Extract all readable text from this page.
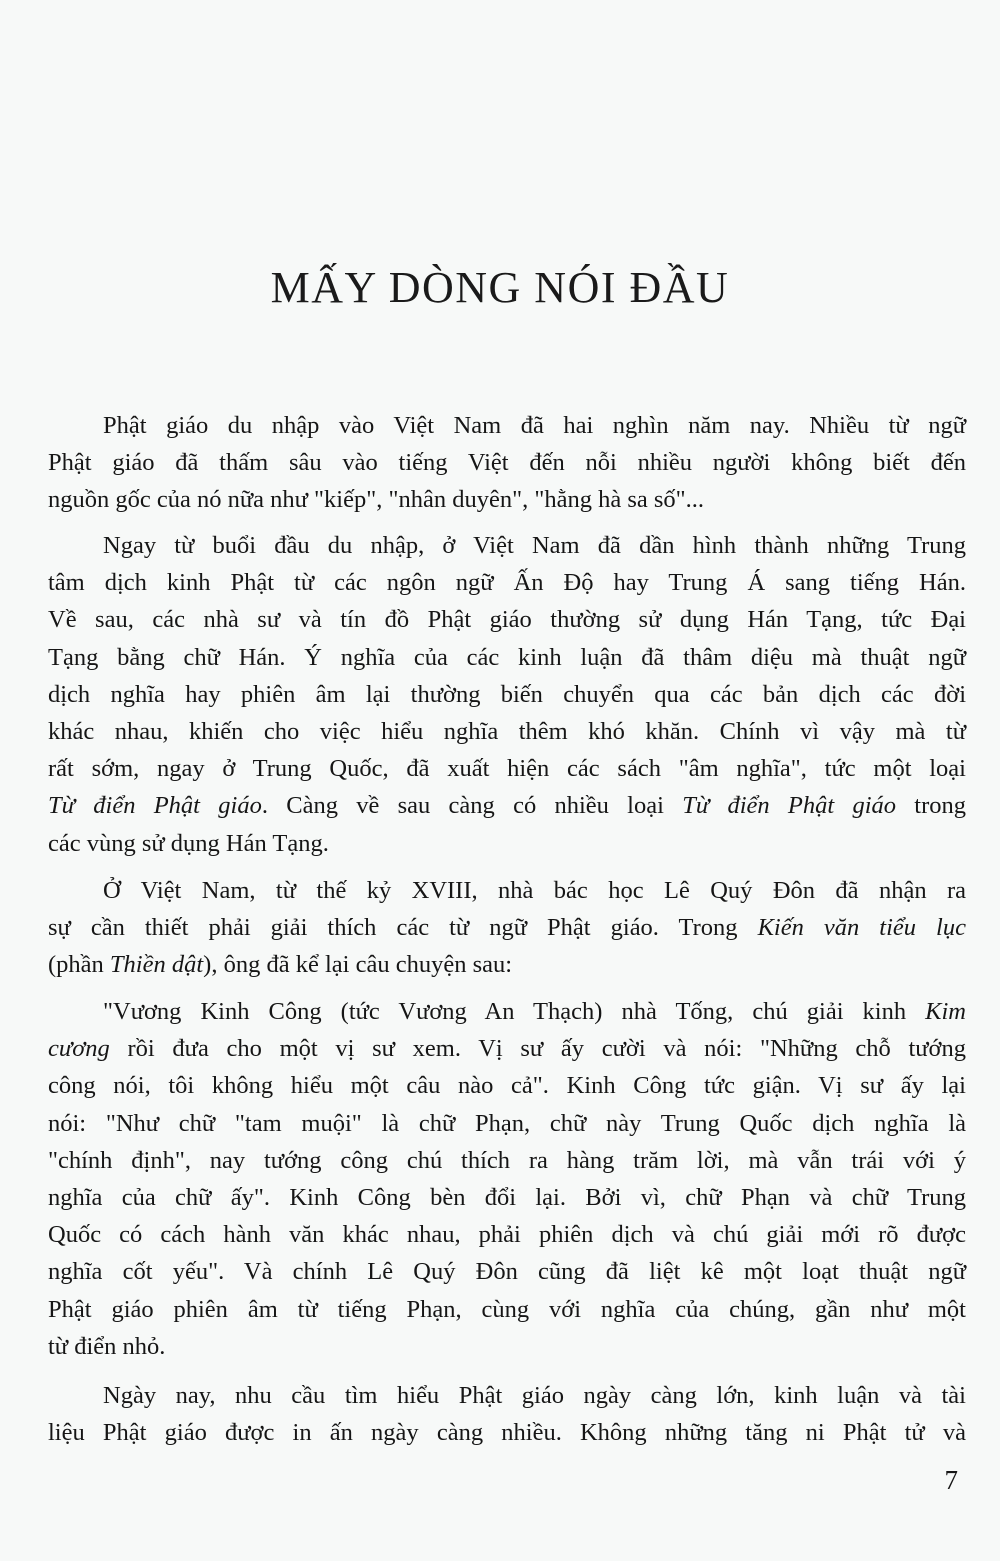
MẤY DÒNG NÓI ĐẦU

Phật giáo du nhập vào Việt Nam đã hai nghìn năm nay. Nhiều từ ngữ
Phật giáo đã thấm sâu vào tiếng Việt đến nỗi nhiều người không biết đến
nguồn gốc của nó nữa như "kiếp", "nhân duyên", "hằng hà sa số"...

Ngay từ buổi đầu du nhập, ở Việt Nam đã dần hình thành những Trung
tâm dịch kinh Phật từ các ngôn ngữ Ấn Độ hay Trung Á sang tiếng Hán.
Về sau, các nhà sư và tín đồ Phật giáo thường sử dụng Hán Tạng, tức Đại
Tạng bằng chữ Hán. Ý nghĩa của các kinh luận đã thâm diệu mà thuật ngữ
dịch nghĩa hay phiên âm lại thường biến chuyển qua các bản dịch các đời
khác nhau, khiến cho việc hiểu nghĩa thêm khó khăn. Chính vì vậy mà từ
rất sớm, ngay ở Trung Quốc, đã xuất hiện các sách "âm nghĩa", tức một loại
Từ điển Phật giáo. Càng về sau càng có nhiều loại Từ điển Phật giáo trong
các vùng sử dụng Hán Tạng.

Ở Việt Nam, từ thế kỷ XVIII, nhà bác học Lê Quý Đôn đã nhận ra
sự cần thiết phải giải thích các từ ngữ Phật giáo. Trong Kiến văn tiểu lục
(phần Thiền dật), ông đã kể lại câu chuyện sau:

"Vương Kinh Công (tức Vương An Thạch) nhà Tống, chú giải kinh Kim
cương rồi đưa cho một vị sư xem. Vị sư ấy cười và nói: "Những chỗ tướng
công nói, tôi không hiểu một câu nào cả". Kinh Công tức giận. Vị sư ấy lại
nói: "Như chữ "tam muội" là chữ Phạn, chữ này Trung Quốc dịch nghĩa là
"chính định", nay tướng công chú thích ra hàng trăm lời, mà vẫn trái với ý
nghĩa của chữ ấy". Kinh Công bèn đổi lại. Bởi vì, chữ Phạn và chữ Trung
Quốc có cách hành văn khác nhau, phải phiên dịch và chú giải mới rõ được
nghĩa cốt yếu". Và chính Lê Quý Đôn cũng đã liệt kê một loạt thuật ngữ
Phật giáo phiên âm từ tiếng Phạn, cùng với nghĩa của chúng, gần như một
từ điển nhỏ.

Ngày nay, nhu cầu tìm hiểu Phật giáo ngày càng lớn, kinh luận và tài
liệu Phật giáo được in ấn ngày càng nhiều. Không những tăng ni Phật tử và

7
